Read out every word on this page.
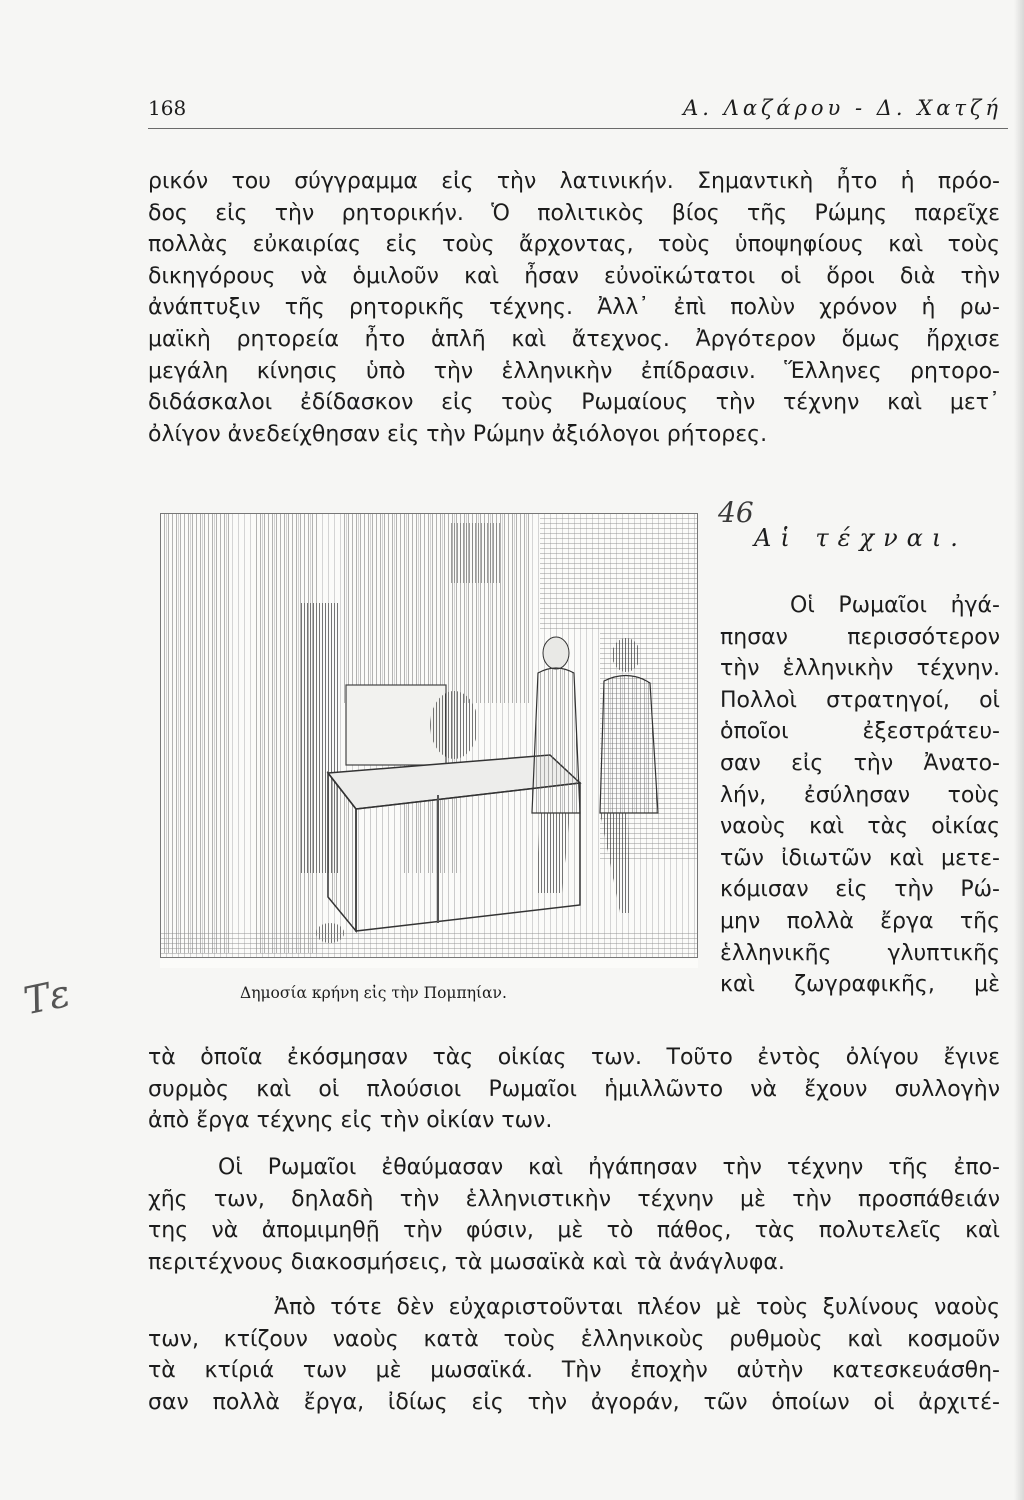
168	Α. Λαζάρου - Δ. Χατζή
ρικόν του σύγγραμμα εἰς τὴν λατινικήν. Σημαντικὴ ἦτο ἡ πρόο-
δος εἰς τὴν ρητορικήν. Ὁ πολιτικὸς βίος τῆς Ρώμης παρεῖχε
πολλὰς εὐκαιρίας εἰς τοὺς ἄρχοντας, τοὺς ὑποψηφίους καὶ τοὺς
δικηγόρους νὰ ὁμιλοῦν καὶ ἦσαν εὐνοϊκώτατοι οἱ ὅροι διὰ τὴν
ἀνάπτυξιν τῆς ρητορικῆς τέχνης. Ἀλλ᾽ ἐπὶ πολὺν χρόνον ἡ ρω-
μαϊκὴ ρητορεία ἦτο ἁπλῆ καὶ ἄτεχνος. Ἀργότερον ὅμως ἤρχισε
μεγάλη κίνησις ὑπὸ τὴν ἑλληνικὴν ἐπίδρασιν. Ἕλληνες ρητορο-
διδάσκαλοι ἐδίδασκον εἰς τοὺς Ρωμαίους τὴν τέχνην καὶ μετ᾽
ὀλίγον ἀνεδείχθησαν εἰς τὴν Ρώμην ἀξιόλογοι ρήτορες.
Δημοσία κρήνη εἰς τὴν Πομπηίαν.
46
Αἱ τέχναι.
Οἱ Ρωμαῖοι ἠγά-
πησαν περισσότερον
τὴν ἑλληνικὴν τέχνην.
Πολλοὶ στρατηγοί, οἱ
ὁποῖοι ἐξεστράτευ-
σαν εἰς τὴν Ἀνατο-
λήν, ἐσύλησαν τοὺς
ναοὺς καὶ τὰς οἰκίας
τῶν ἰδιωτῶν καὶ μετε-
κόμισαν εἰς τὴν Ρώ-
μην πολλὰ ἔργα τῆς
ἑλληνικῆς γλυπτικῆς
καὶ ζωγραφικῆς, μὲ
τὰ ὁποῖα ἐκόσμησαν τὰς οἰκίας των. Τοῦτο ἐντὸς ὀλίγου ἔγινε
συρμὸς καὶ οἱ πλούσιοι Ρωμαῖοι ἡμιλλῶντο νὰ ἔχουν συλλογὴν
ἀπὸ ἔργα τέχνης εἰς τὴν οἰκίαν των.
Οἱ Ρωμαῖοι ἐθαύμασαν καὶ ἠγάπησαν τὴν τέχνην τῆς ἐπο-
χῆς των, δηλαδὴ τὴν ἑλληνιστικὴν τέχνην μὲ τὴν προσπάθειάν
της νὰ ἀπομιμηθῇ τὴν φύσιν, μὲ τὸ πάθος, τὰς πολυτελεῖς καὶ
περιτέχνους διακοσμήσεις, τὰ μωσαϊκὰ καὶ τὰ ἀνάγλυφα.
Ἀπὸ τότε δὲν εὐχαριστοῦνται πλέον μὲ τοὺς ξυλίνους ναοὺς
των, κτίζουν ναοὺς κατὰ τοὺς ἑλληνικοὺς ρυθμοὺς καὶ κοσμοῦν
τὰ κτίριά των μὲ μωσαϊκά. Τὴν ἐποχὴν αὐτὴν κατεσκευάσθη-
σαν πολλὰ ἔργα, ἰδίως εἰς τὴν ἀγοράν, τῶν ὁποίων οἱ ἀρχιτέ-
Τε
